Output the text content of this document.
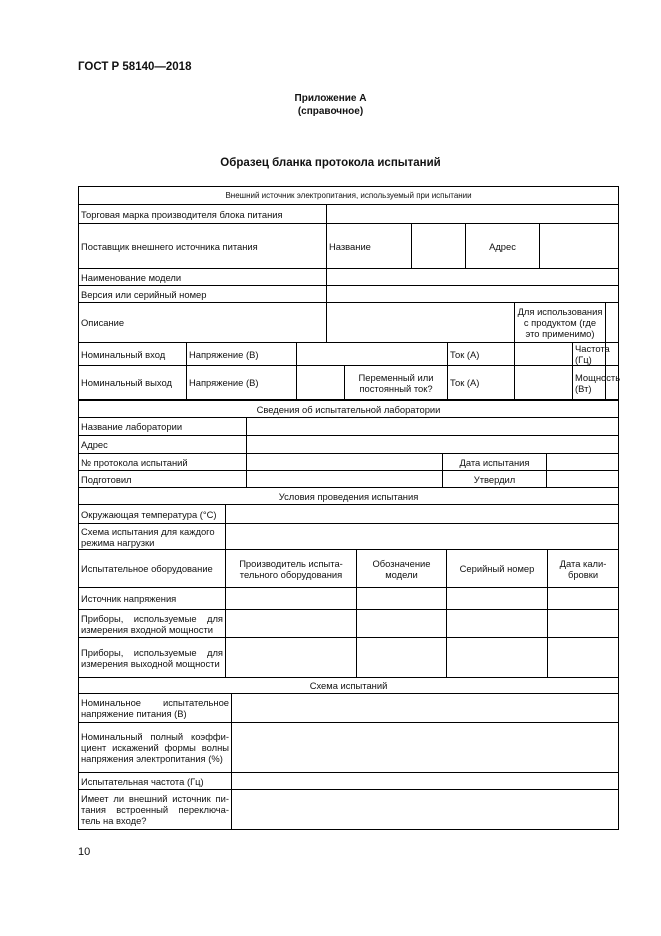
ГОСТ Р 58140—2018
Приложение А
(справочное)
Образец бланка протокола испытаний
Внешний источник электропитания, используемый при испытании											
Торговая марка производителя блока питания											
Поставщик внешнего источника питания			Название				Адрес				
Наименование модели											
Версия или серийный номер											
Описание								Для использования с продуктом (где это применимо)			
Номинальный вход	Напряжение (В)					Ток (А)				Частота (Гц)	
Номинальный выход	Напряжение (В)			Переменный или постоянный ток?		Ток (А)				Мощность (Вт)	
Сведения об испытательной лаборатории			
Название лаборатории			
Адрес			
№ протокола испытаний		Дата испытания	
Подготовил		Утвердил	
Условия проведения испытания				
Окружающая температура (°С)				
Схема испытания для каждого режима нагрузки				
Испытательное оборудование	Производитель испытательного оборудования	Обозначение модели	Серийный номер	Дата калибровки
Источник напряжения				
Приборы, используемые для измерения входной мощности				
Приборы, используемые для измерения выходной мощности				
Схема испытаний	
Номинальное испытательное напряжение питания (В)	
Номинальный полный коэффициент искажений формы волны напряжения электропитания (%)	
Испытательная частота (Гц)	
Имеет ли внешний источник питания встроенный переключатель на входе?	
10
